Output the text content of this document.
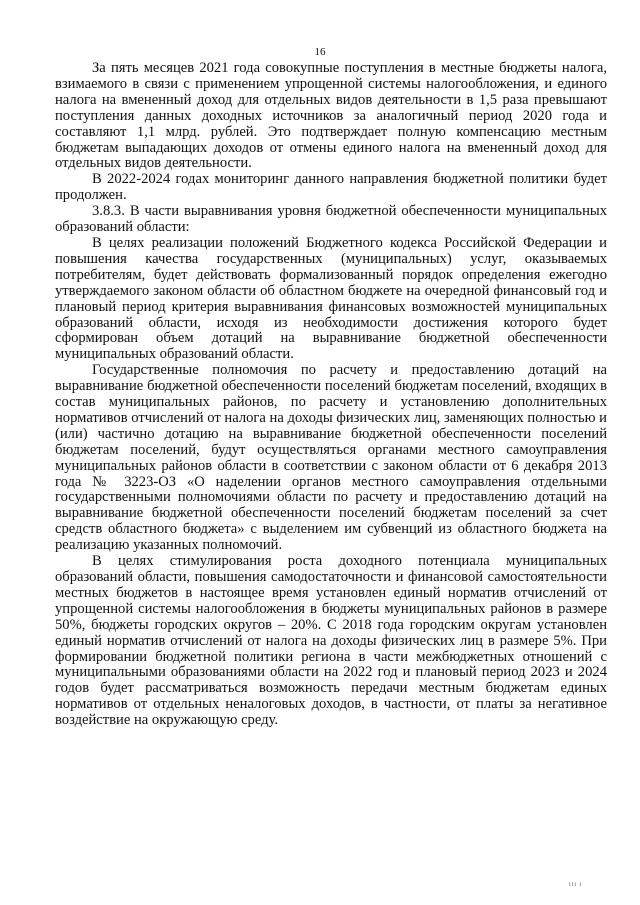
16

За пять месяцев 2021 года совокупные поступления в местные бюджеты налога, взимаемого в связи с применением упрощенной системы налогообложения, и единого налога на вмененный доход для отдельных видов деятельности в 1,5 раза превышают поступления данных доходных источников за аналогичный период 2020 года и составляют 1,1 млрд. рублей. Это подтверждает полную компенсацию местным бюджетам выпадающих доходов от отмены единого налога на вмененный доход для отдельных видов деятельности.

В 2022-2024 годах мониторинг данного направления бюджетной политики будет продолжен.

3.8.3. В части выравнивания уровня бюджетной обеспеченности муниципальных образований области:

В целях реализации положений Бюджетного кодекса Российской Федерации и повышения качества государственных (муниципальных) услуг, оказываемых потребителям, будет действовать формализованный порядок определения ежегодно утверждаемого законом области об областном бюджете на очередной финансовый год и плановый период критерия выравнивания финансовых возможностей муниципальных образований области, исходя из необходимости достижения которого будет сформирован объем дотаций на выравнивание бюджетной обеспеченности муниципальных образований области.

Государственные полномочия по расчету и предоставлению дотаций на выравнивание бюджетной обеспеченности поселений бюджетам поселений, входящих в состав муниципальных районов, по расчету и установлению дополнительных нормативов отчислений от налога на доходы физических лиц, заменяющих полностью и (или) частично дотацию на выравнивание бюджетной обеспеченности поселений бюджетам поселений, будут осуществляться органами местного самоуправления муниципальных районов области в соответствии с законом области от 6 декабря 2013 года № 3223-ОЗ «О наделении органов местного самоуправления отдельными государственными полномочиями области по расчету и предоставлению дотаций на выравнивание бюджетной обеспеченности поселений бюджетам поселений за счет средств областного бюджета» с выделением им субвенций из областного бюджета на реализацию указанных полномочий.

В целях стимулирования роста доходного потенциала муниципальных образований области, повышения самодостаточности и финансовой самостоятельности местных бюджетов в настоящее время установлен единый норматив отчислений от упрощенной системы налогообложения в бюджеты муниципальных районов в размере 50%, бюджеты городских округов – 20%. С 2018 года городским округам установлен единый норматив отчислений от налога на доходы физических лиц в размере 5%. При формировании бюджетной политики региона в части межбюджетных отношений с муниципальными образованиями области на 2022 год и плановый период 2023 и 2024 годов будет рассматриваться возможность передачи местным бюджетам единых нормативов от отдельных неналоговых доходов, в частности, от платы за негативное воздействие на окружающую среду.

iii i
